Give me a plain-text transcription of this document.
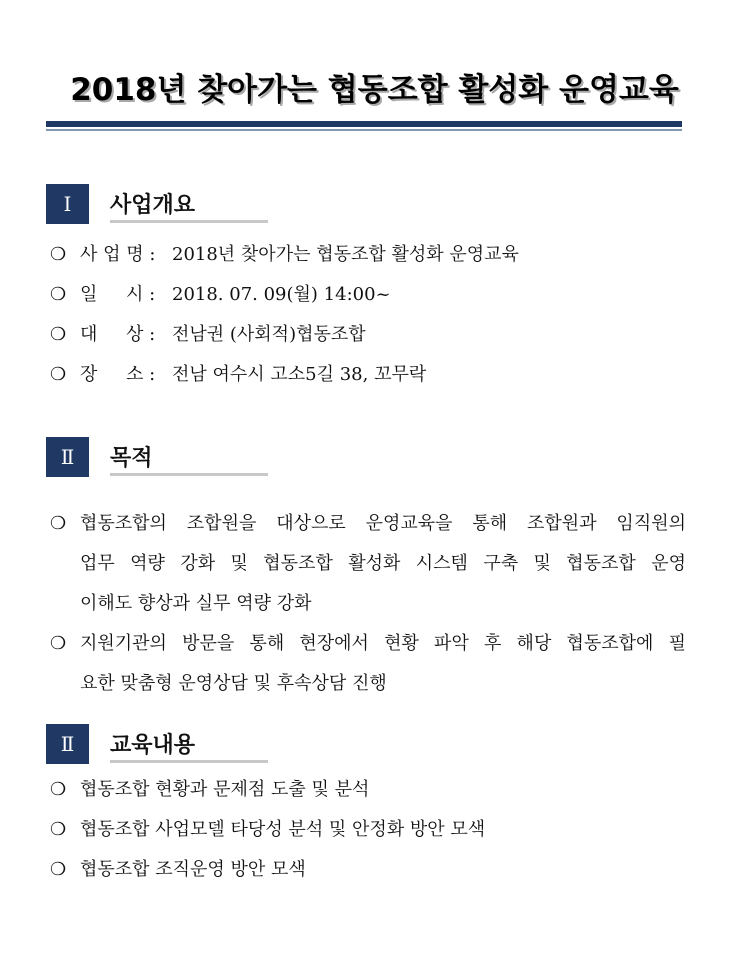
2018년 찾아가는 협동조합 활성화 운영교육
Ⅰ	사업개요
❍ 사 업 명 : 2018년 찾아가는 협동조합 활성화 운영교육
❍ 일     시 : 2018. 07. 09(월) 14:00~
❍ 대     상 : 전남권 (사회적)협동조합
❍ 장     소 : 전남 여수시 고소5길 38, 꼬무락
Ⅱ	목적
❍ 협동조합의 조합원을 대상으로 운영교육을 통해 조합원과 임직원의
업무 역량 강화 및 협동조합 활성화 시스템 구축 및 협동조합 운영
이해도 향상과 실무 역량 강화
❍ 지원기관의 방문을 통해 현장에서 현황 파악 후 해당 협동조합에 필
요한 맞춤형 운영상담 및 후속상담 진행
Ⅱ	교육내용
❍ 협동조합 현황과 문제점 도출 및 분석
❍ 협동조합 사업모델 타당성 분석 및 안정화 방안 모색
❍ 협동조합 조직운영 방안 모색
